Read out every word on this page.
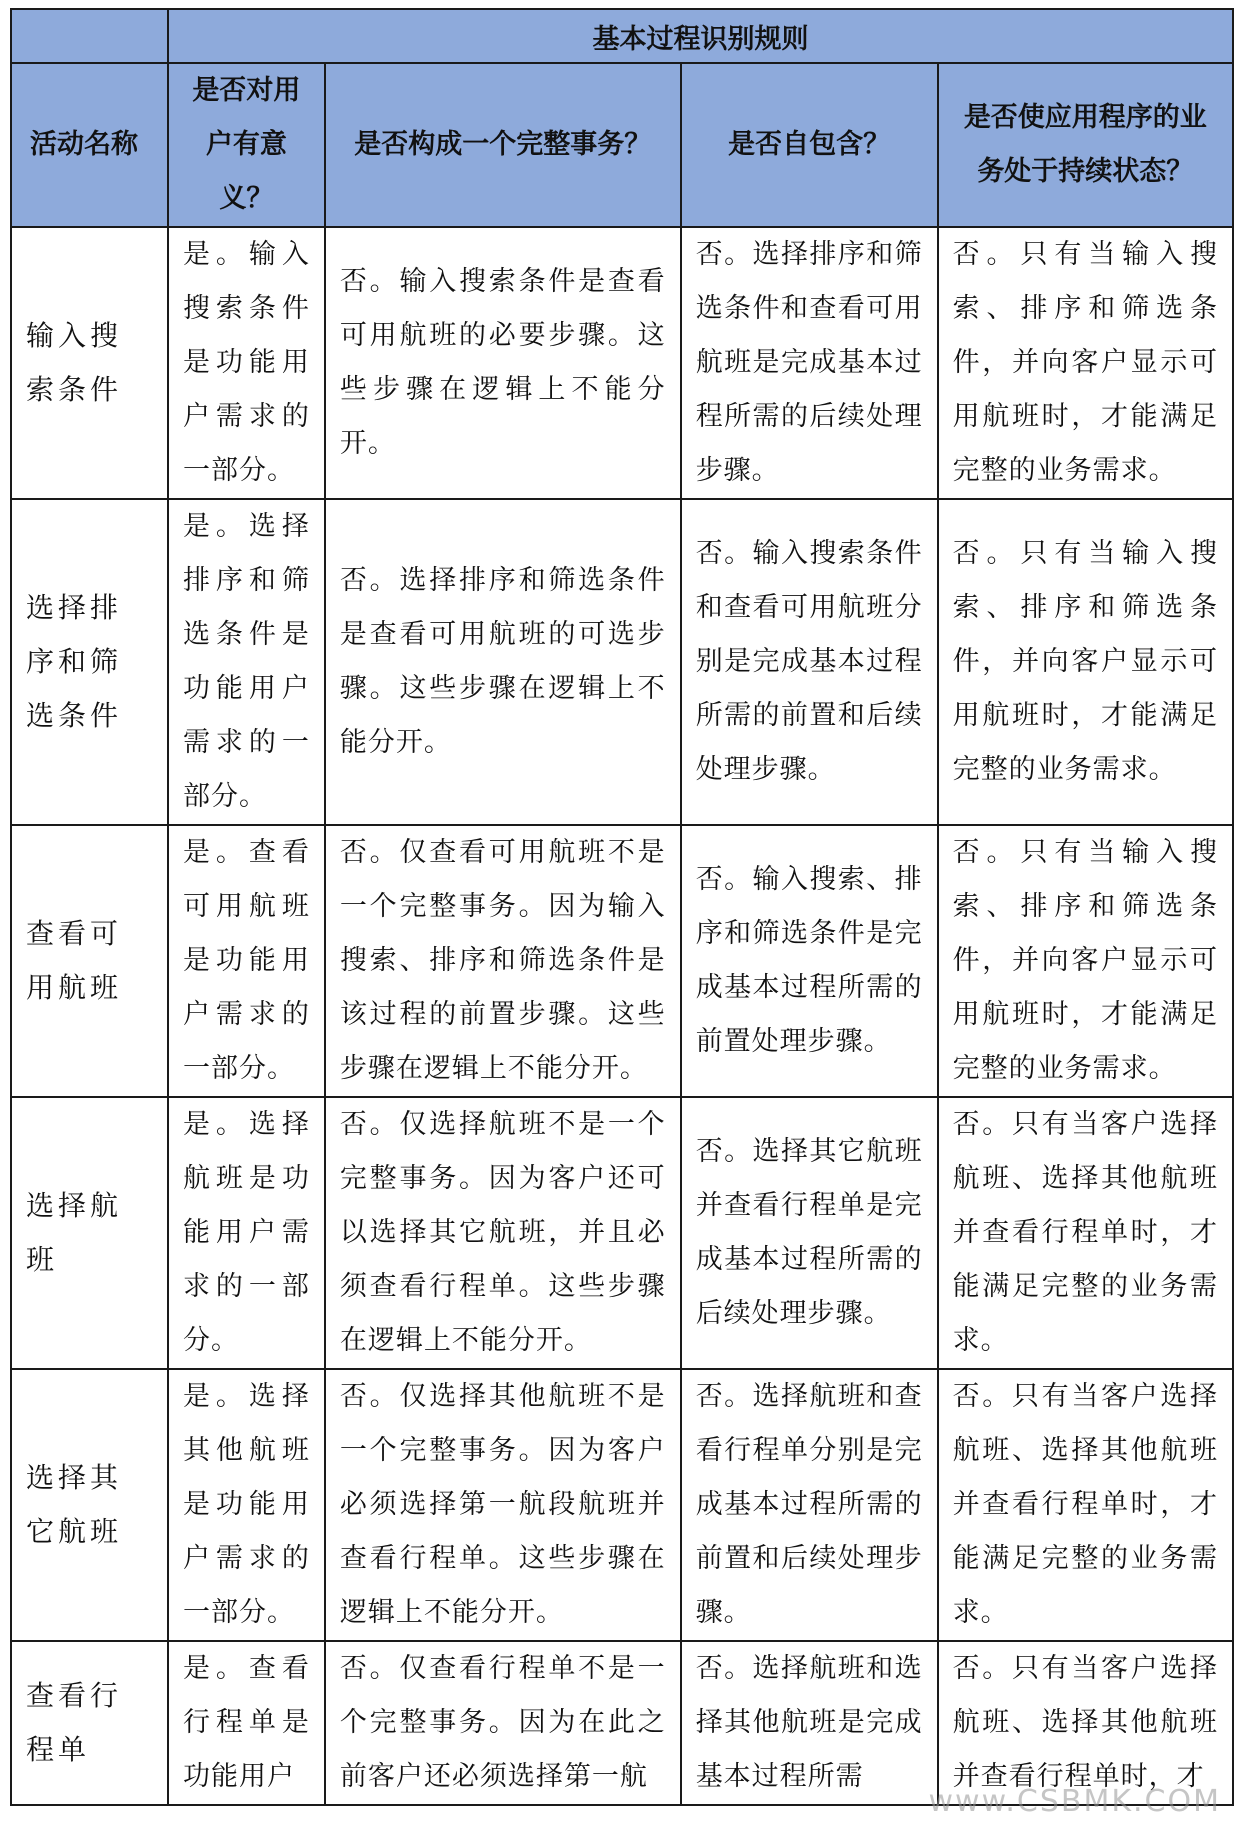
	基本过程识别规则			

活动名称	是否对用户有意义？	是否构成一个完整事务？	是否自包含？	是否使应用程序的业务处于持续状态？

输入搜索条件	是。输入搜索条件是功能用户需求的一部分。	否。输入搜索条件是查看可用航班的必要步骤。这些步骤在逻辑上不能分开。	否。选择排序和筛选条件和查看可用航班是完成基本过程所需的后续处理步骤。	否。只有当输入搜索、排序和筛选条件，并向客户显示可用航班时，才能满足完整的业务需求。
选择排序和筛选条件	是。选择排序和筛选条件是功能用户需求的一部分。	否。选择排序和筛选条件是查看可用航班的可选步骤。这些步骤在逻辑上不能分开。	否。输入搜索条件和查看可用航班分别是完成基本过程所需的前置和后续处理步骤。	否。只有当输入搜索、排序和筛选条件，并向客户显示可用航班时，才能满足完整的业务需求。
查看可用航班	是。查看可用航班是功能用户需求的一部分。	否。仅查看可用航班不是一个完整事务。因为输入搜索、排序和筛选条件是该过程的前置步骤。这些步骤在逻辑上不能分开。	否。输入搜索、排序和筛选条件是完成基本过程所需的前置处理步骤。	否。只有当输入搜索、排序和筛选条件，并向客户显示可用航班时，才能满足完整的业务需求。
选择航班	是。选择航班是功能用户需求的一部分。	否。仅选择航班不是一个完整事务。因为客户还可以选择其它航班，并且必须查看行程单。这些步骤在逻辑上不能分开。	否。选择其它航班并查看行程单是完成基本过程所需的后续处理步骤。	否。只有当客户选择航班、选择其他航班并查看行程单时，才能满足完整的业务需求。
选择其它航班	是。选择其他航班是功能用户需求的一部分。	否。仅选择其他航班不是一个完整事务。因为客户必须选择第一航段航班并查看行程单。这些步骤在逻辑上不能分开。	否。选择航班和查看行程单分别是完成基本过程所需的前置和后续处理步骤。	否。只有当客户选择航班、选择其他航班并查看行程单时，才能满足完整的业务需求。
查看行程单	是。查看行程单是功能用户	否。仅查看行程单不是一个完整事务。因为在此之前客户还必须选择第一航	否。选择航班和选择其他航班是完成基本过程所需	否。只有当客户选择航班、选择其他航班并查看行程单时，才
www.CSBMK.COM
